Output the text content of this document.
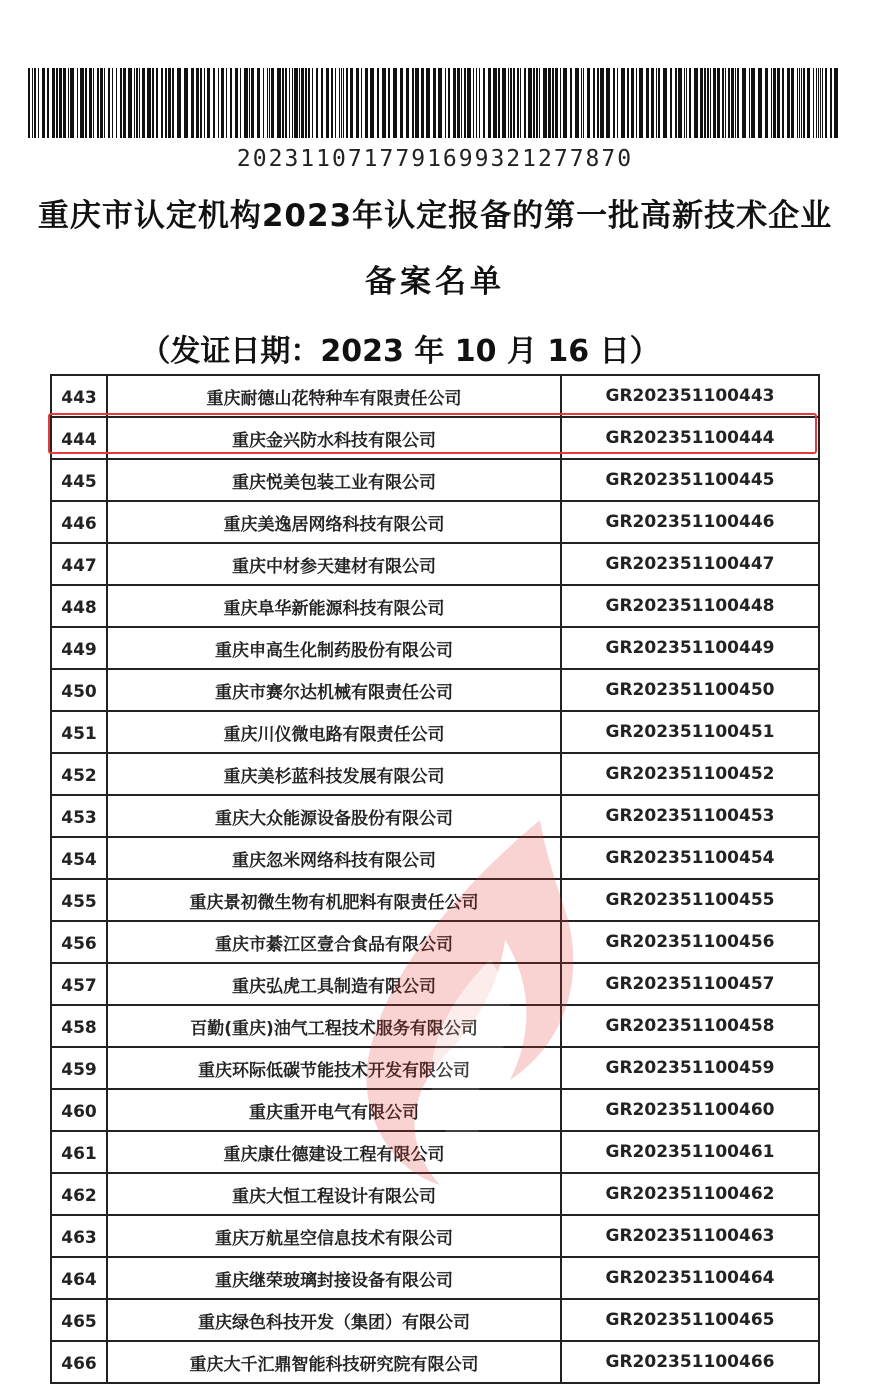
20231107177916993212778​70
重庆市认定机构2023年认定报备的第一批高新技术企业
备案名单
（发证日期：2023 年 10 月 16 日）
443	重庆耐德山花特种车有限责任公司	GR202351100443
444	重庆金兴防水科技有限公司	GR202351100444
445	重庆悦美包装工业有限公司	GR202351100445
446	重庆美逸居网络科技有限公司	GR202351100446
447	重庆中材参天建材有限公司	GR202351100447
448	重庆阜华新能源科技有限公司	GR202351100448
449	重庆申高生化制药股份有限公司	GR202351100449
450	重庆市赛尔达机械有限责任公司	GR202351100450
451	重庆川仪微电路有限责任公司	GR202351100451
452	重庆美杉蓝科技发展有限公司	GR202351100452
453	重庆大众能源设备股份有限公司	GR202351100453
454	重庆忽米网络科技有限公司	GR202351100454
455	重庆景初微生物有机肥料有限责任公司	GR202351100455
456	重庆市綦江区壹合食品有限公司	GR202351100456
457	重庆弘虎工具制造有限公司	GR202351100457
458	百勤(重庆)油气工程技术服务有限公司	GR202351100458
459	重庆环际低碳节能技术开发有限公司	GR202351100459
460	重庆重开电气有限公司	GR202351100460
461	重庆康仕德建设工程有限公司	GR202351100461
462	重庆大恒工程设计有限公司	GR202351100462
463	重庆万航星空信息技术有限公司	GR202351100463
464	重庆继荣玻璃封接设备有限公司	GR202351100464
465	重庆绿色科技开发（集团）有限公司	GR202351100465
466	重庆大千汇鼎智能科技研究院有限公司	GR202351100466
